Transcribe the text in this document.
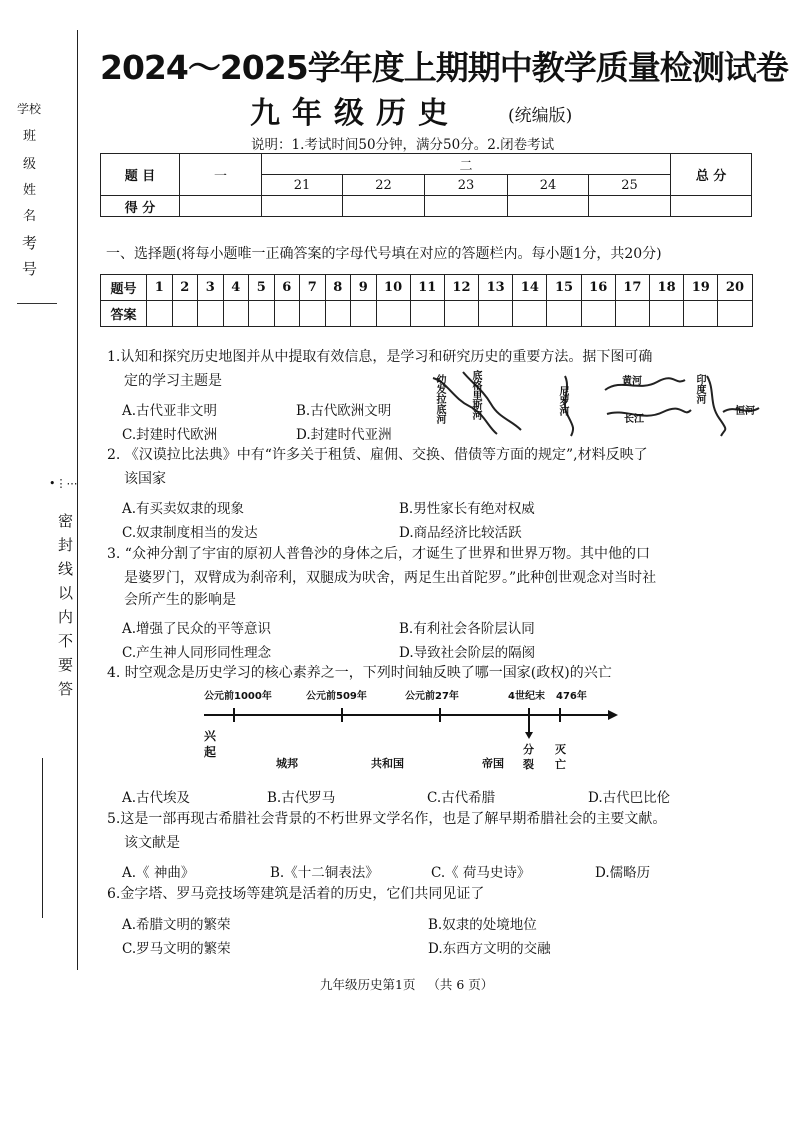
学校
班
级
姓
名
考
号
•⋮⋯
密
封
线
以
内
不
要
答
2024～2025学年度上期期中教学质量检测试卷
九年级历史	(统编版)
说明：1.考试时间50分钟，满分50分。2.闭卷考试
题 目	一	二					总 分
		21	22	23	24	25	
得 分							
一、选择题(将每小题唯一正确答案的字母代号填在对应的答题栏内。每小题1分，共20分)
题号	1	2	3	4	5	6	7	8	9	10	11	12	13	14	15	16	17	18	19	20
答案																				
1.认知和探究历史地图并从中提取有效信息，是学习和研究历史的重要方法。据下图可确
定的学习主题是
A.古代亚非文明	B.古代欧洲文明
C.封建时代欧洲	D.封建时代亚洲
幼发拉底河	底格里斯河	尼罗河
黄河
长江
印度河
恒河
2. 《汉谟拉比法典》中有“许多关于租赁、雇佣、交换、借债等方面的规定”,材料反映了
该国家
A.有买卖奴隶的现象	B.男性家长有绝对权威
C.奴隶制度相当的发达	D.商品经济比较活跃
3. “众神分割了宇宙的原初人普鲁沙的身体之后，才诞生了世界和世界万物。其中他的口
是婆罗门，双臂成为刹帝利，双腿成为吠舍，两足生出首陀罗。”此种创世观念对当时社
会所产生的影响是
A.增强了民众的平等意识	B.有利社会各阶层认同
C.产生神人同形同性理念	D.导致社会阶层的隔阂
4. 时空观念是历史学习的核心素养之一，下列时间轴反映了哪一国家(政权)的兴亡
公元前1000年	公元前509年	公元前27年	4世纪末 476年
兴起
城邦	共和国	帝国
分裂
灭亡
A.古代埃及	B.古代罗马	C.古代希腊	D.古代巴比伦
5.这是一部再现古希腊社会背景的不朽世界文学名作，也是了解早期希腊社会的主要文献。
该文献是
A.《 神曲》	B.《十二铜表法》	C.《 荷马史诗》	D.儒略历
6.金字塔、罗马竞技场等建筑是活着的历史，它们共同见证了
A.希腊文明的繁荣	B.奴隶的处境地位
C.罗马文明的繁荣	D.东西方文明的交融
九年级历史第1页 （共 6 页）
